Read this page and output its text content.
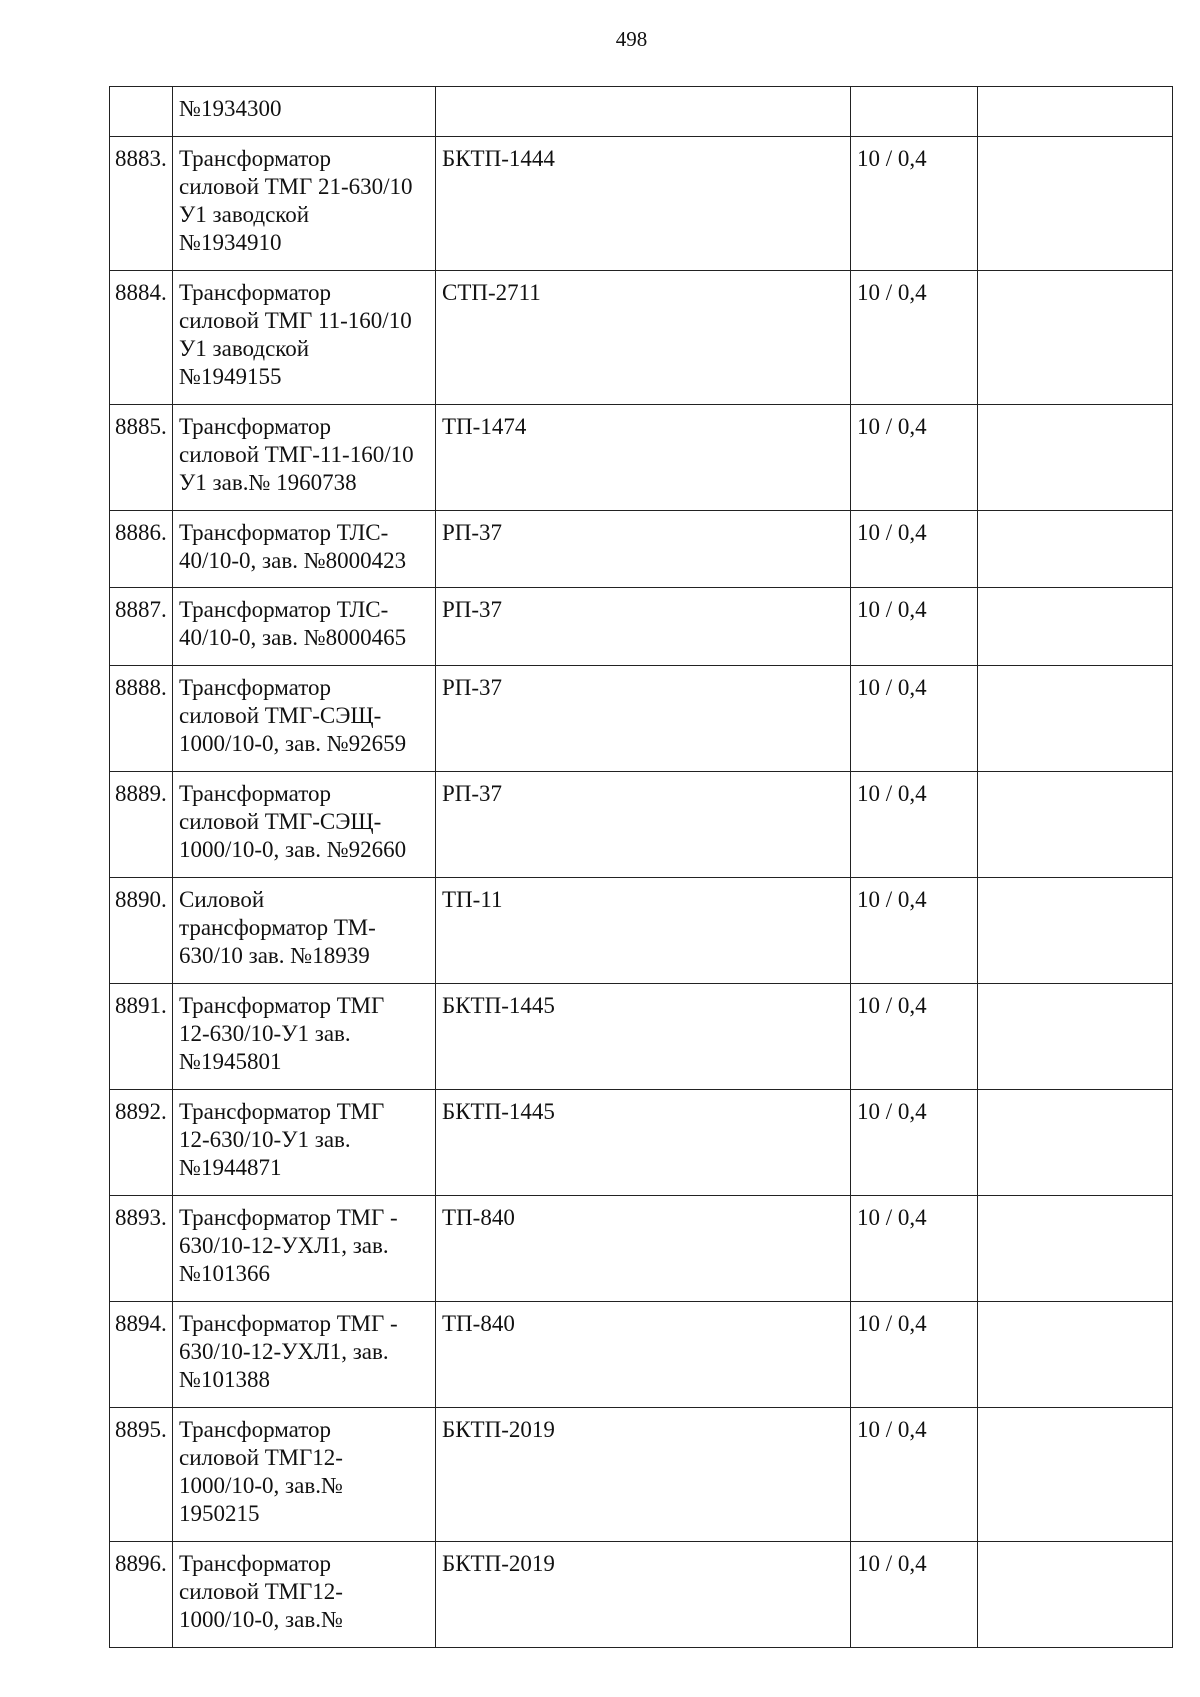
498
	№1934300			
8883.	Трансформатор
силовой ТМГ 21-630/10
У1 заводской
№1934910	БКТП-1444	10 / 0,4	
8884.	Трансформатор
силовой ТМГ 11-160/10
У1 заводской
№1949155	СТП-2711	10 / 0,4	
8885.	Трансформатор
силовой ТМГ-11-160/10
У1 зав.№ 1960738	ТП-1474	10 / 0,4	
8886.	Трансформатор ТЛС-
40/10-0, зав. №8000423	РП-37	10 / 0,4	
8887.	Трансформатор ТЛС-
40/10-0, зав. №8000465	РП-37	10 / 0,4	
8888.	Трансформатор
силовой ТМГ-СЭЩ-
1000/10-0, зав. №92659	РП-37	10 / 0,4	
8889.	Трансформатор
силовой ТМГ-СЭЩ-
1000/10-0, зав. №92660	РП-37	10 / 0,4	
8890.	Силовой
трансформатор ТМ-
630/10 зав. №18939	ТП-11	10 / 0,4	
8891.	Трансформатор ТМГ
12-630/10-У1 зав.
№1945801	БКТП-1445	10 / 0,4	
8892.	Трансформатор ТМГ
12-630/10-У1 зав.
№1944871	БКТП-1445	10 / 0,4	
8893.	Трансформатор ТМГ -
630/10-12-УХЛ1, зав.
№101366	ТП-840	10 / 0,4	
8894.	Трансформатор ТМГ -
630/10-12-УХЛ1, зав.
№101388	ТП-840	10 / 0,4	
8895.	Трансформатор
силовой ТМГ12-
1000/10-0, зав.№
1950215	БКТП-2019	10 / 0,4	
8896.	Трансформатор
силовой ТМГ12-
1000/10-0, зав.№	БКТП-2019	10 / 0,4	
